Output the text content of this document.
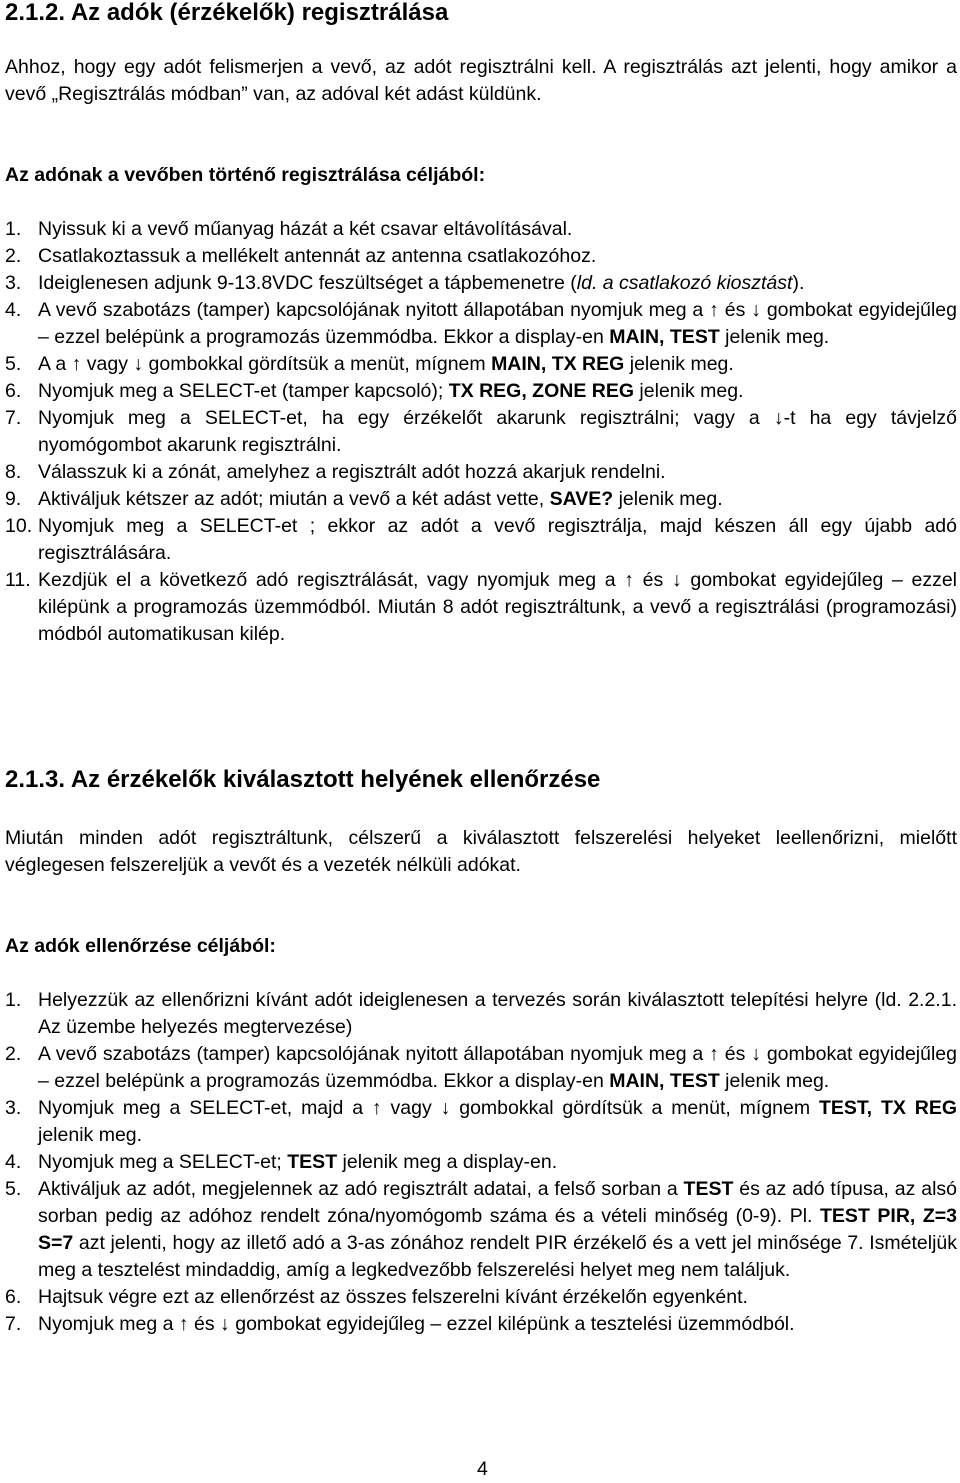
2.1.2. Az adók (érzékelők) regisztrálása

Ahhoz, hogy egy adót felismerjen a vevő, az adót regisztrálni kell. A regisztrálás azt jelenti, hogy amikor a vevő „Regisztrálás módban” van, az adóval két adást küldünk.

Az adónak a vevőben történő regisztrálása céljából:
1. Nyissuk ki a vevő műanyag házát a két csavar eltávolításával.
2. Csatlakoztassuk a mellékelt antennát az antenna csatlakozóhoz.
3. Ideiglenesen adjunk 9-13.8VDC feszültséget a tápbemenetre (ld. a csatlakozó kiosztást).
4. A vevő szabotázs (tamper) kapcsolójának nyitott állapotában nyomjuk meg a ↑ és ↓ gombokat egyidejűleg – ezzel belépünk a programozás üzemmódba. Ekkor a display-en MAIN, TEST jelenik meg.
5. A a ↑ vagy ↓ gombokkal gördítsük a menüt, mígnem MAIN, TX REG jelenik meg.
6. Nyomjuk meg a SELECT-et (tamper kapcsoló); TX REG, ZONE REG jelenik meg.
7. Nyomjuk meg a SELECT-et, ha egy érzékelőt akarunk regisztrálni; vagy a ↓-t ha egy távjelző nyomógombot akarunk regisztrálni.
8. Válasszuk ki a zónát, amelyhez a regisztrált adót hozzá akarjuk rendelni.
9. Aktiváljuk kétszer az adót; miután a vevő a két adást vette, SAVE? jelenik meg.
10. Nyomjuk meg a SELECT-et ; ekkor az adót a vevő regisztrálja, majd készen áll egy újabb adó regisztrálására.
11. Kezdjük el a következő adó regisztrálását, vagy nyomjuk meg a ↑ és ↓ gombokat egyidejűleg – ezzel kilépünk a programozás üzemmódból. Miután 8 adót regisztráltunk, a vevő a regisztrálási (programozási) módból automatikusan kilép.
2.1.3. Az érzékelők kiválasztott helyének ellenőrzése

Miután minden adót regisztráltunk, célszerű a kiválasztott felszerelési helyeket leellenőrizni, mielőtt véglegesen felszereljük a vevőt és a vezeték nélküli adókat.

Az adók ellenőrzése céljából:
1. Helyezzük az ellenőrizni kívánt adót ideiglenesen a tervezés során kiválasztott telepítési helyre (ld. 2.2.1. Az üzembe helyezés megtervezése)
2. A vevő szabotázs (tamper) kapcsolójának nyitott állapotában nyomjuk meg a ↑ és ↓ gombokat egyidejűleg – ezzel belépünk a programozás üzemmódba. Ekkor a display-en MAIN, TEST jelenik meg.
3. Nyomjuk meg a SELECT-et, majd a ↑ vagy ↓ gombokkal gördítsük a menüt, mígnem TEST, TX REG jelenik meg.
4. Nyomjuk meg a SELECT-et; TEST jelenik meg a display-en.
5. Aktiváljuk az adót, megjelennek az adó regisztrált adatai, a felső sorban a TEST és az adó típusa, az alsó sorban pedig az adóhoz rendelt zóna/nyomógomb száma és a vételi minőség (0-9). Pl. TEST PIR, Z=3 S=7 azt jelenti, hogy az illető adó a 3-as zónához rendelt PIR érzékelő és a vett jel minősége 7. Ismételjük meg a tesztelést mindaddig, amíg a legkedvezőbb felszerelési helyet meg nem találjuk.
6. Hajtsuk végre ezt az ellenőrzést az összes felszerelni kívánt érzékelőn egyenként.
7. Nyomjuk meg a ↑ és ↓ gombokat egyidejűleg – ezzel kilépünk a tesztelési üzemmódból.
4
